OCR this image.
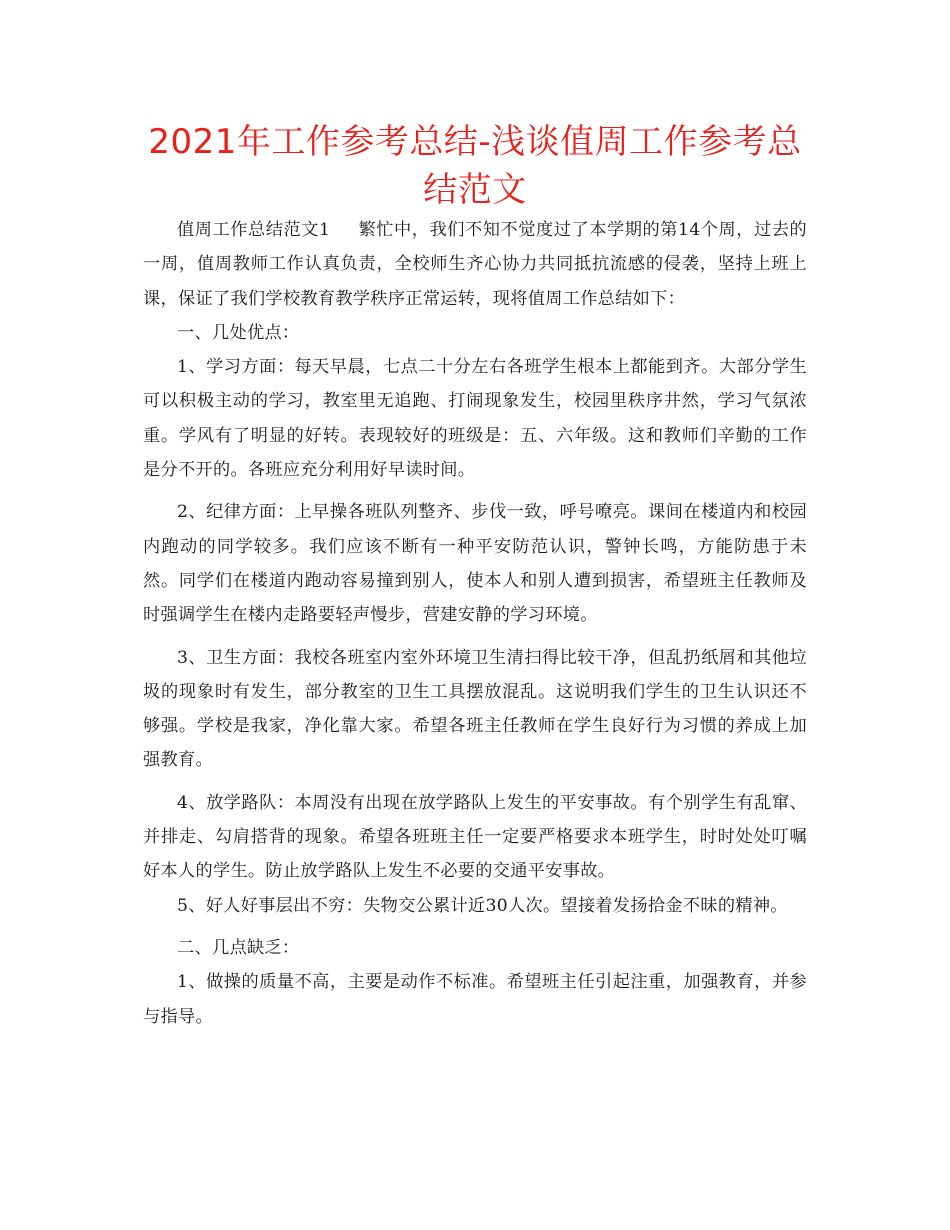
2021年工作参考总结-浅谈值周工作参考总结范文

值周工作总结范文1 繁忙中，我们不知不觉度过了本学期的第14个周，过去的一周，值周教师工作认真负责，全校师生齐心协力共同抵抗流感的侵袭，坚持上班上课，保证了我们学校教育教学秩序正常运转，现将值周工作总结如下：

一、几处优点：

1、学习方面：每天早晨，七点二十分左右各班学生根本上都能到齐。大部分学生可以积极主动的学习，教室里无追跑、打闹现象发生，校园里秩序井然，学习气氛浓重。学风有了明显的好转。表现较好的班级是：五、六年级。这和教师们辛勤的工作是分不开的。各班应充分利用好早读时间。

2、纪律方面：上早操各班队列整齐、步伐一致，呼号嘹亮。课间在楼道内和校园内跑动的同学较多。我们应该不断有一种平安防范认识，警钟长鸣，方能防患于未然。同学们在楼道内跑动容易撞到别人，使本人和别人遭到损害，希望班主任教师及时强调学生在楼内走路要轻声慢步，营建安静的学习环境。

3、卫生方面：我校各班室内室外环境卫生清扫得比较干净，但乱扔纸屑和其他垃圾的现象时有发生，部分教室的卫生工具摆放混乱。这说明我们学生的卫生认识还不够强。学校是我家，净化靠大家。希望各班主任教师在学生良好行为习惯的养成上加强教育。

4、放学路队：本周没有出现在放学路队上发生的平安事故。有个别学生有乱窜、并排走、勾肩搭背的现象。希望各班班主任一定要严格要求本班学生，时时处处叮嘱好本人的学生。防止放学路队上发生不必要的交通平安事故。

5、好人好事层出不穷：失物交公累计近30人次。望接着发扬拾金不昧的精神。

二、几点缺乏：

1、做操的质量不高，主要是动作不标准。希望班主任引起注重，加强教育，并参与指导。
